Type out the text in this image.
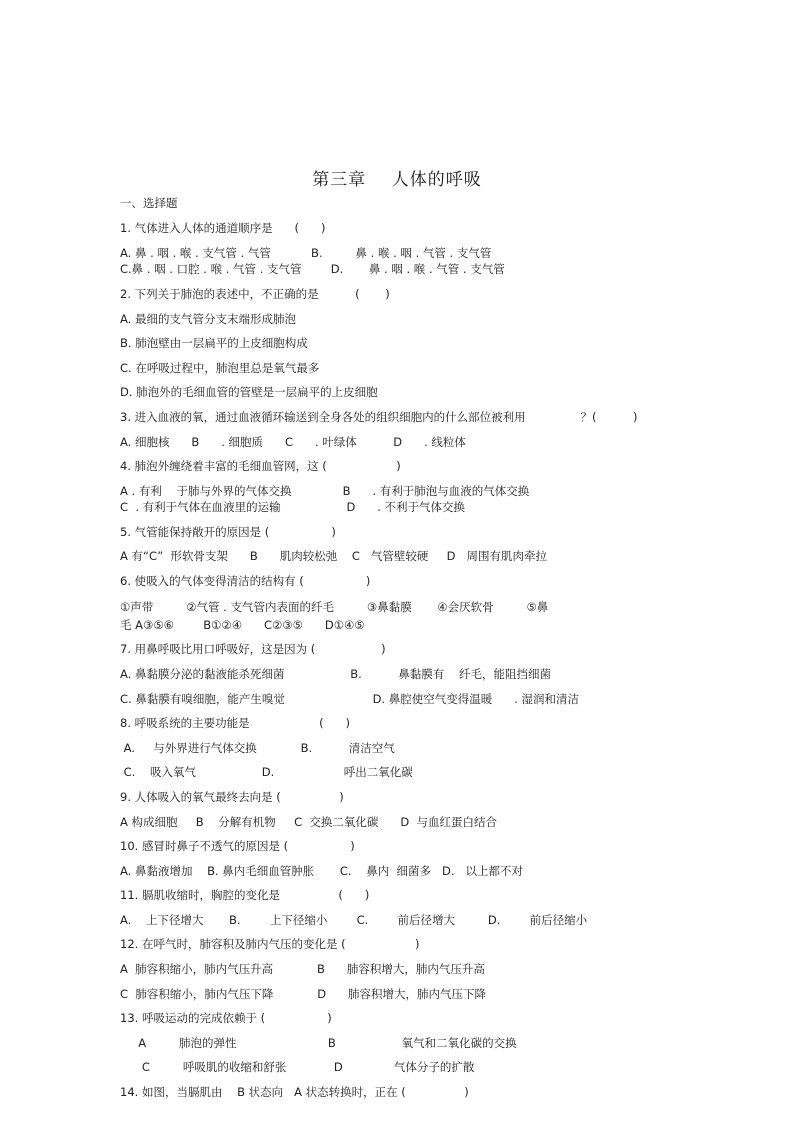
第三章    人体的呼吸
一、选择题
1. 气体进入人体的通道顺序是      (      )
A. 鼻 . 咽 . 喉 . 支气管 . 气管           B.         鼻 . 喉 . 咽 . 气管 . 支气管
C.鼻 . 咽 . 口腔 . 喉 . 气管 . 支气管        D.       鼻 . 咽 . 喉 . 气管 . 支气管
2. 下列关于肺泡的表述中，不正确的是          (       )
A. 最细的支气管分支末端形成肺泡
B. 肺泡壁由一层扁平的上皮细胞构成
C. 在呼吸过程中，肺泡里总是氧气最多
D. 肺泡外的毛细血管的管壁是一层扁平的上皮细胞
3. 进入血液的氧，通过血液循环输送到全身各处的组织细胞内的什么部位被利用               ？(          )
A. 细胞核      B      . 细胞质      C      . 叶绿体          D      . 线粒体
4. 肺泡外缠绕着丰富的毛细血管网，这 (                   )
A . 有利    于肺与外界的气体交换              B      . 有利于肺泡与血液的气体交换
C  . 有利于气体在血液里的运输                  D      . 不利于气体交换
5. 气管能保持敞开的原因是 (                 )
A 有“C”  形软骨支架      B      肌肉较松弛    C   气管壁较硬     D   周围有肌肉牵拉
6. 使吸入的气体变得清洁的结构有 (                 )
①声带         ②气管 . 支气管内表面的纤毛         ③鼻黏膜       ④会厌软骨         ⑤鼻
毛 A③⑤⑥        B①②④      C②③⑤      D①④⑤
7. 用鼻呼吸比用口呼吸好，这是因为 (                  )
A. 鼻黏膜分泌的黏液能杀死细菌                  B.          鼻黏膜有    纤毛，能阻挡细菌
C. 鼻黏膜有嗅细胞，能产生嗅觉                        D. 鼻腔使空气变得温暖      . 湿润和清洁
8. 呼吸系统的主要功能是                   (      )
A.     与外界进行气体交换            B.          清洁空气
C.    吸入氧气                  D.                   呼出二氧化碳
9. 人体吸入的氧气最终去向是 (                )
A 构成细胞     B    分解有机物     C  交换二氧化碳      D  与血红蛋白结合
10. 感冒时鼻子不透气的原因是 (                 )
A. 鼻黏液增加    B. 鼻内毛细血管肿胀       C.    鼻内  细菌多   D.   以上都不对
11. 膈肌收缩时，胸腔的变化是                (      )
A.    上下径增大       B.        上下径缩小        C.        前后径增大         D.        前后径缩小
12. 在呼气时，肺容积及肺内气压的变化是 (                   )
A  肺容积缩小，肺内气压升高            B      肺容积增大，肺内气压升高
C  肺容积缩小，肺内气压下降            D      肺容积增大，肺内气压下降
13. 呼吸运动的完成依赖于 (                 )
A         肺泡的弹性                         B                  氧气和二氧化碳的交换
C         呼吸肌的收缩和舒张             D              气体分子的扩散
14. 如图，当膈肌由    B 状态向   A 状态转换时，正在 (                )
